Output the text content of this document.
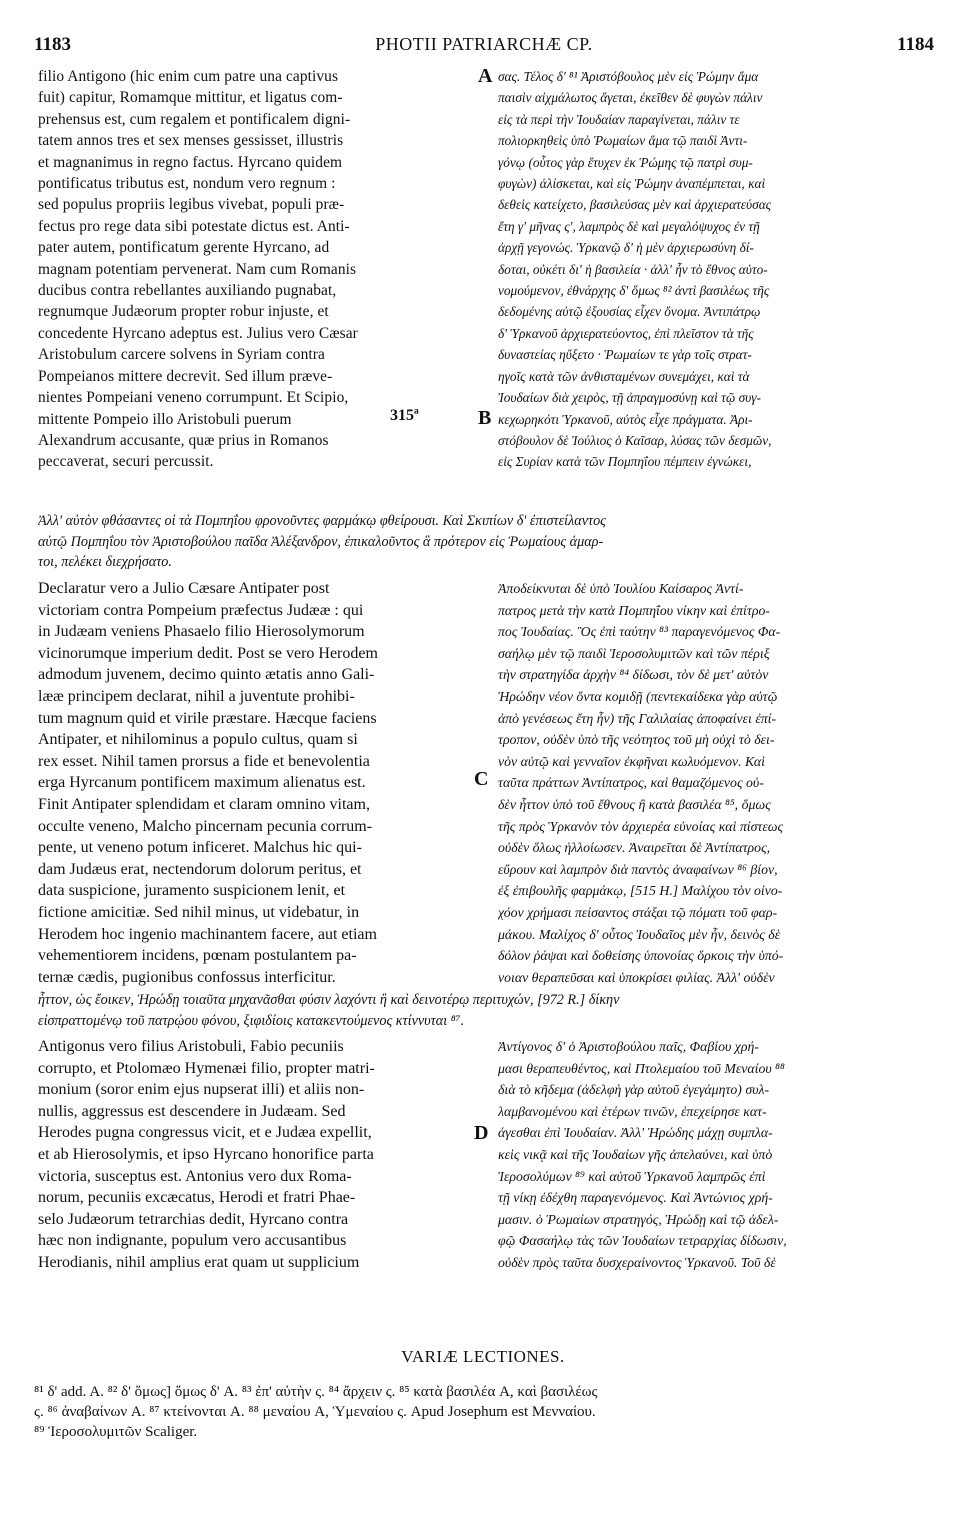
1183	PHOTII PATRIARCHÆ CP.	1184
filio Antigono (hic enim cum patre una captivus
fuit) capitur, Romamque mittitur, et ligatus com-
prehensus est, cum regalem et pontificalem digni-
tatem annos tres et sex menses gessisset, illustris
et magnanimus in regno factus. Hyrcano quidem
pontificatus tributus est, nondum vero regnum :
sed populus propriis legibus vivebat, populi præ-
fectus pro rege data sibi potestate dictus est. Anti-
pater autem, pontificatum gerente Hyrcano, ad
magnam potentiam pervenerat. Nam cum Romanis
ducibus contra rebellantes auxiliando pugnabat,
regnumque Judæorum propter robur injuste, et
concedente Hyrcano adeptus est. Julius vero Cæsar
Aristobulum carcere solvens in Syriam contra
Pompeianos mittere decrevit. Sed illum præve-
nientes Pompeiani veneno corrumpunt. Et Scipio,
mittente Pompeio illo Aristobuli puerum
Alexandrum accusante, quæ prius in Romanos
peccaverat, securi percussit.
σας. Τέλος δ' ⁸¹ Ἀριστόβουλος μὲν εἰς Ῥώμην ἅμα
παισὶν αἰχμάλωτος ἄγεται, ἐκεῖθεν δὲ φυγὼν πάλιν
εἰς τὰ περὶ τὴν Ἰουδαίαν παραγίνεται, πάλιν τε
πολιορκηθεὶς ὑπὸ Ῥωμαίων ἅμα τῷ παιδὶ Ἀντι-
γόνῳ (οὗτος γὰρ ἔτυχεν ἐκ Ῥώμης τῷ πατρὶ συμ-
φυγὼν) ἁλίσκεται, καὶ εἰς Ῥώμην ἀναπέμπεται, καὶ
δεθεὶς κατείχετο, βασιλεύσας μὲν καὶ ἀρχιερατεύσας
ἔτη γ' μῆνας ς', λαμπρὸς δὲ καὶ μεγαλόψυχος ἐν τῇ
ἀρχῇ γεγονώς. Ὑρκανῷ δ' ἡ μὲν ἀρχιερωσύνη δί-
δοται, οὐκέτι δι' ἡ βασιλεία · ἀλλ' ἦν τὸ ἔθνος αὐτο-
νομούμενον, ἐθνάρχης δ' ὅμως ⁸² ἀντὶ βασιλέως τῆς
δεδομένης αὐτῷ ἐξουσίας εἶχεν ὄνομα. Ἀντιπάτρῳ
δ' Ὑρκανοῦ ἀρχιερατεύοντος, ἐπὶ πλεῖστον τὰ τῆς
δυναστείας ηὔξετο · Ῥωμαίων τε γὰρ τοῖς στρατ-
ηγοῖς κατὰ τῶν ἀνθισταμένων συνεμάχει, καὶ τὰ
Ἰουδαίων διὰ χειρὸς, τῇ ἀπραγμοσύνῃ καὶ τῷ συγ-
κεχωρηκότι Ὑρκανοῦ, αὐτὸς εἶχε πράγματα. Ἀρι-
στόβουλον δὲ Ἰούλιος ὁ Καῖσαρ, λύσας τῶν δεσμῶν,
εἰς Συρίαν κατὰ τῶν Πομπηΐου πέμπειν ἐγνώκει,
A
B
315ª
Ἀλλ' αὐτὸν φθάσαντες οἱ τὰ Πομπηΐου φρονοῦντες φαρμάκῳ φθείρουσι. Καὶ Σκιπίων δ' ἐπιστείλαντος
αὐτῷ Πομπηΐου τὸν Ἀριστοβούλου παῖδα Ἀλέξανδρον, ἐπικαλοῦντος ἃ πρότερον εἰς Ῥωμαίους ἁμαρ-
τοι, πελέκει διεχρήσατο.
Declaratur vero a Julio Cæsare Antipater post
victoriam contra Pompeium præfectus Judææ : qui
in Judæam veniens Phasaelo filio Hierosolymorum
vicinorumque imperium dedit. Post se vero Herodem
admodum juvenem, decimo quinto ætatis anno Gali-
lææ principem declarat, nihil a juventute prohibi-
tum magnum quid et virile præstare. Hæcque faciens
Antipater, et nihilominus a populo cultus, quam si
rex esset. Nihil tamen prorsus a fide et benevolentia
erga Hyrcanum pontificem maximum alienatus est.
Finit Antipater splendidam et claram omnino vitam,
occulte veneno, Malcho pincernam pecunia corrum-
pente, ut veneno potum inficeret. Malchus hic qui-
dam Judæus erat, nectendorum dolorum peritus, et
data suspicione, juramento suspicionem lenit, et
fictione amicitiæ. Sed nihil minus, ut videbatur, in
Herodem hoc ingenio machinantem facere, aut etiam
vehementiorem incidens, pœnam postulantem pa-
ternæ cædis, pugionibus confossus interficitur.
Ἀποδείκνυται δὲ ὑπὸ Ἰουλίου Καίσαρος Ἀντί-
πατρος μετὰ τὴν κατὰ Πομπηΐου νίκην καὶ ἐπίτρο-
πος Ἰουδαίας. Ὃς ἐπὶ ταύτην ⁸³ παραγενόμενος Φα-
σαήλῳ μὲν τῷ παιδὶ Ἱεροσολυμιτῶν καὶ τῶν πέριξ
τὴν στρατηγίδα ἀρχὴν ⁸⁴ δίδωσι, τὸν δὲ μετ' αὐτὸν
Ἡρώδην νέον ὄντα κομιδῇ (πεντεκαίδεκα γὰρ αὐτῷ
ἀπὸ γενέσεως ἔτη ἦν) τῆς Γαλιλαίας ἀποφαίνει ἐπί-
τροπον, οὐδὲν ὑπὸ τῆς νεότητος τοῦ μὴ οὐχὶ τὸ δει-
νὸν αὐτῷ καὶ γενναῖον ἐκφῆναι κωλυόμενον. Καὶ
ταῦτα πράττων Ἀντίπατρος, καὶ θαμαζόμενος οὐ-
δὲν ἧττον ὑπὸ τοῦ ἔθνους ἢ κατὰ βασιλέα ⁸⁵, ὅμως
τῆς πρὸς Ὑρκανὸν τὸν ἀρχιερέα εὐνοίας καὶ πίστεως
οὐδὲν ὅλως ἠλλοίωσεν. Ἀναιρεῖται δὲ Ἀντίπατρος,
εὔρουν καὶ λαμπρὸν διὰ παντὸς ἀναφαίνων ⁸⁶ βίον,
ἐξ ἐπιβουλῆς φαρμάκῳ, [515 H.] Μαλίχου τὸν οἰνο-
χόον χρήμασι πείσαντος στάξαι τῷ πόματι τοῦ φαρ-
μάκου. Μαλίχος δ' οὗτος Ἰουδαῖος μὲν ἦν, δεινὸς δὲ
δόλον ῥάψαι καὶ δοθείσης ὑπονοίας ὅρκοις τὴν ὑπό-
νοιαν θεραπεῦσαι καὶ ὑποκρίσει φιλίας. Ἀλλ' οὐδὲν
C
ἧττον, ὡς ἔοικεν, Ἡρώδῃ τοιαῦτα μηχανᾶσθαι φύσιν λαχόντι ἢ καὶ δεινοτέρῳ περιτυχών, [972 R.] δίκην
εἰσπραττομένῳ τοῦ πατρῴου φόνου, ξιφιδίοις κατακεντούμενος κτίννυται ⁸⁷.
Antigonus vero filius Aristobuli, Fabio pecuniis
corrupto, et Ptolomæo Hymenæi filio, propter matri-
monium (soror enim ejus nupserat illi) et aliis non-
nullis, aggressus est descendere in Judæam. Sed
Herodes pugna congressus vicit, et e Judæa expellit,
et ab Hierosolymis, et ipso Hyrcano honorifice parta
victoria, susceptus est. Antonius vero dux Roma-
norum, pecuniis excæcatus, Herodi et fratri Phae-
selo Judæorum tetrarchias dedit, Hyrcano contra
hæc non indignante, populum vero accusantibus
Herodianis, nihil amplius erat quam ut supplicium
Ἀντίγονος δ' ὁ Ἀριστοβούλου παῖς, Φαβίου χρή-
μασι θεραπευθέντος, καὶ Πτολεμαίου τοῦ Μεναίου ⁸⁸
διὰ τὸ κῆδεμα (ἀδελφὴ γὰρ αὐτοῦ ἐγεγάμητο) συλ-
λαμβανομένου καὶ ἑτέρων τινῶν, ἐπεχείρησε κατ-
άγεσθαι ἐπὶ Ἰουδαίαν. Ἀλλ' Ἡρώδης μάχῃ συμπλα-
κεὶς νικᾷ καὶ τῆς Ἰουδαίων γῆς ἀπελαύνει, καὶ ὑπὸ
Ἱεροσολύμων ⁸⁹ καὶ αὐτοῦ Ὑρκανοῦ λαμπρῶς ἐπὶ
τῇ νίκῃ ἐδέχθη παραγενόμενος. Καὶ Ἀντώνιος χρή-
μασιν. ὁ Ῥωμαίων στρατηγός, Ἡρώδῃ καὶ τῷ ἀδελ-
φῷ Φασαήλῳ τὰς τῶν Ἰουδαίων τετραρχίας δίδωσιν,
οὐδὲν πρὸς ταῦτα δυσχεραίνοντος Ὑρκανοῦ. Τοῦ δὲ
D
VARIÆ LECTIONES.
⁸¹ δ' add. A. ⁸² δ' ὅμως] ὅμως δ' A. ⁸³ ἐπ' αὐτὴν ς. ⁸⁴ ἄρχειν ς. ⁸⁵ κατὰ βασιλέα A, καὶ βασιλέως
ς. ⁸⁶ ἀναβαίνων A. ⁸⁷ κτείνονται A. ⁸⁸ μεναίου A, Ὑμεναίου ς. Apud Josephum est Μενναίου.
⁸⁹ Ἱεροσολυμιτῶν Scaliger.
